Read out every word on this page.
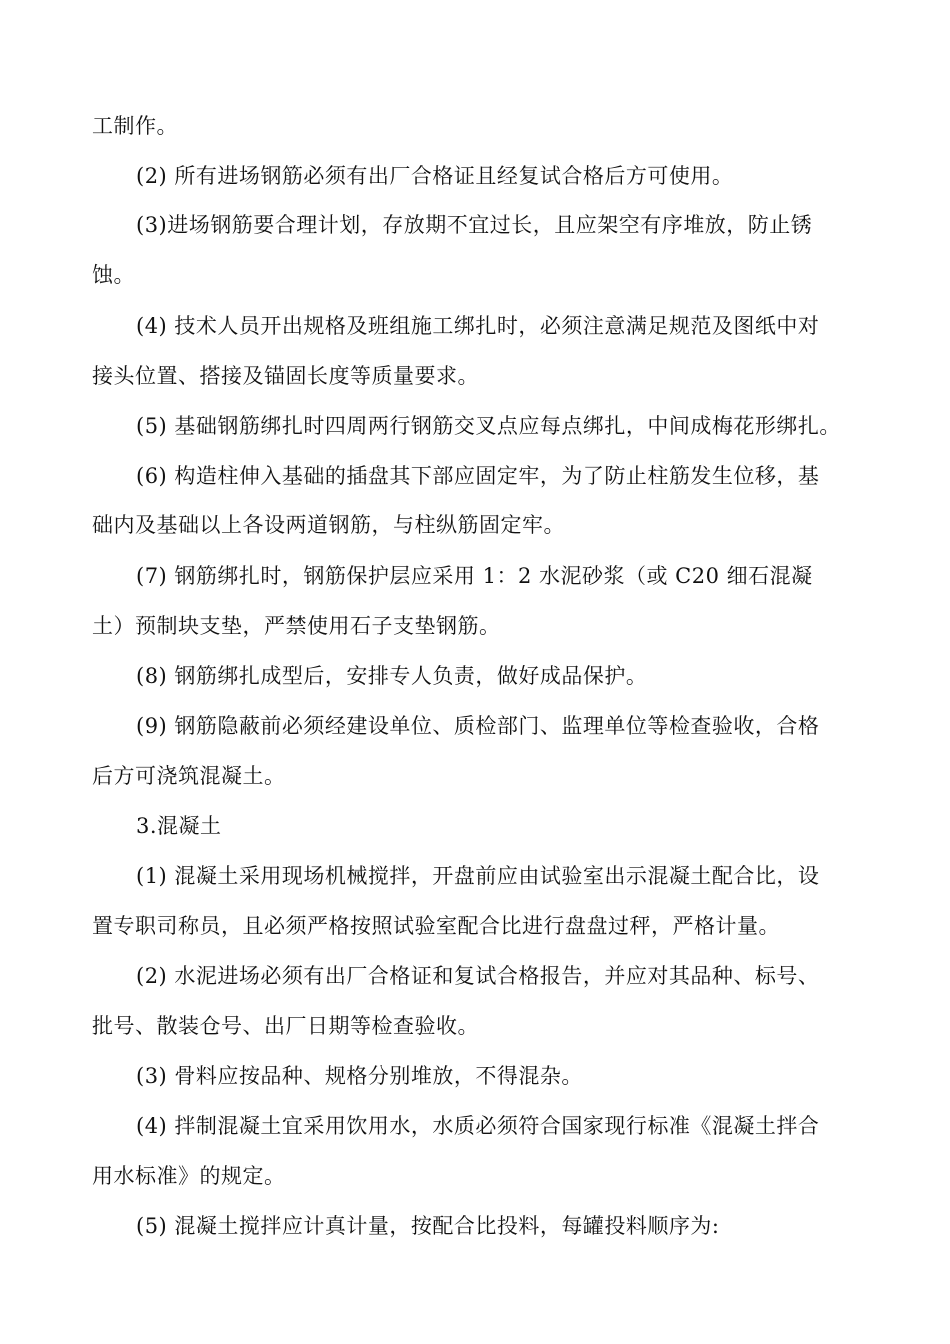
工制作。
(2) 所有进场钢筋必须有出厂合格证且经复试合格后方可使用。
(3)进场钢筋要合理计划，存放期不宜过长，且应架空有序堆放，防止锈
蚀。
(4) 技术人员开出规格及班组施工绑扎时，必须注意满足规范及图纸中对
接头位置、搭接及锚固长度等质量要求。
(5) 基础钢筋绑扎时四周两行钢筋交叉点应每点绑扎，中间成梅花形绑扎。
(6) 构造柱伸入基础的插盘其下部应固定牢，为了防止柱筋发生位移，基
础内及基础以上各设两道钢筋，与柱纵筋固定牢。
(7) 钢筋绑扎时，钢筋保护层应采用 1：2 水泥砂浆（或 C20 细石混凝
土）预制块支垫，严禁使用石子支垫钢筋。
(8) 钢筋绑扎成型后，安排专人负责，做好成品保护。
(9) 钢筋隐蔽前必须经建设单位、质检部门、监理单位等检查验收，合格
后方可浇筑混凝土。
3.混凝土
(1) 混凝土采用现场机械搅拌，开盘前应由试验室出示混凝土配合比，设
置专职司称员，且必须严格按照试验室配合比进行盘盘过秤，严格计量。
(2) 水泥进场必须有出厂合格证和复试合格报告，并应对其品种、标号、
批号、散装仓号、出厂日期等检查验收。
(3) 骨料应按品种、规格分别堆放，不得混杂。
(4) 拌制混凝土宜采用饮用水，水质必须符合国家现行标准《混凝土拌合
用水标准》的规定。
(5) 混凝土搅拌应计真计量，按配合比投料，每罐投料顺序为:
